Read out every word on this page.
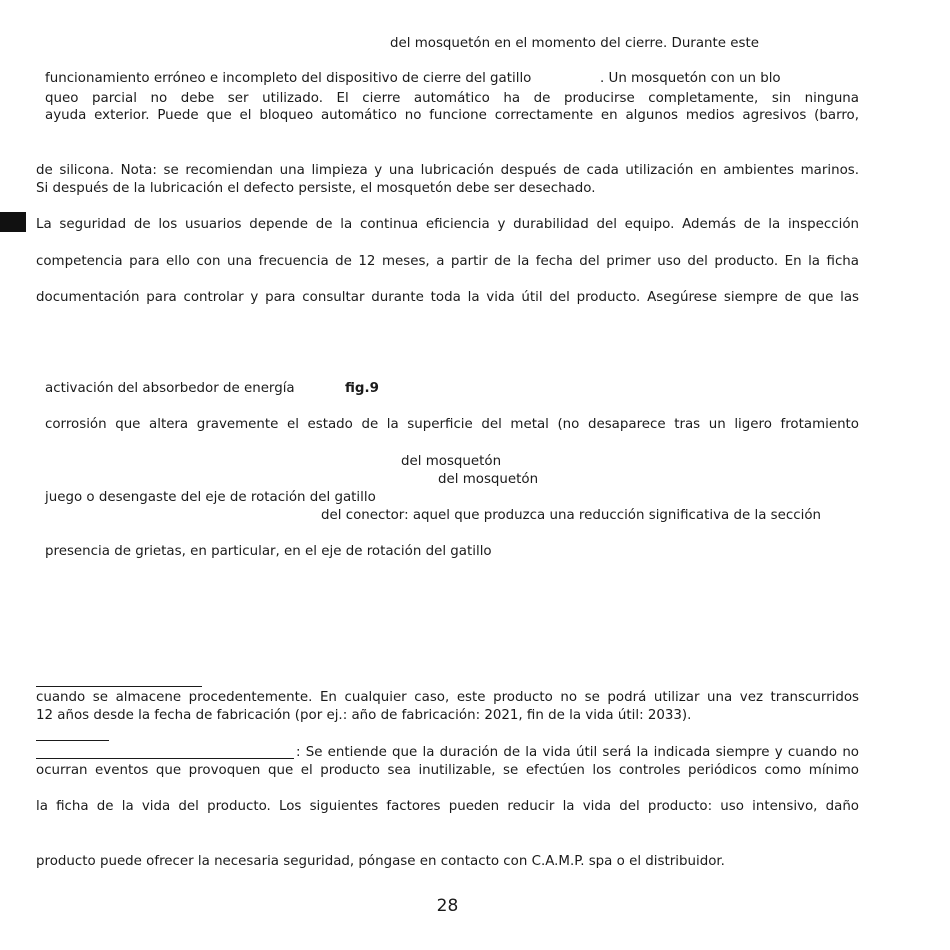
del mosquetón en el momento del cierre. Durante este
funcionamiento erróneo e incompleto del dispositivo de cierre del gatillo	. Un mosquetón con un blo
queo parcial no debe ser utilizado. El cierre automático ha de producirse completamente, sin ninguna
ayuda exterior. Puede que el bloqueo automático no funcione correctamente en algunos medios agresivos (barro,
de silicona. Nota: se recomiendan una limpieza y una lubricación después de cada utilización en ambientes marinos.
Si después de la lubricación el defecto persiste, el mosquetón debe ser desechado.
La seguridad de los usuarios depende de la continua eficiencia y durabilidad del equipo. Además de la inspección
competencia para ello con una frecuencia de 12 meses, a partir de la fecha del primer uso del producto. En la ficha
documentación para controlar y para consultar durante toda la vida útil del producto. Asegúrese siempre de que las
activación del absorbedor de energía	fig.9
corrosión que altera gravemente el estado de la superficie del metal (no desaparece tras un ligero frotamiento
del mosquetón
del mosquetón
juego o desengaste del eje de rotación del gatillo
del conector: aquel que produzca una reducción significativa de la sección
presencia de grietas, en particular, en el eje de rotación del gatillo
cuando se almacene procedentemente. En cualquier caso, este producto no se podrá utilizar una vez transcurridos
12 años desde la fecha de fabricación (por ej.: año de fabricación: 2021, fin de la vida útil: 2033).
: Se entiende que la duración de la vida útil será la indicada siempre y cuando no
ocurran eventos que provoquen que el producto sea inutilizable, se efectúen los controles periódicos como mínimo
la ficha de la vida del producto. Los siguientes factores pueden reducir la vida del producto: uso intensivo, daño
producto puede ofrecer la necesaria seguridad, póngase en contacto con C.A.M.P. spa o el distribuidor.
28
